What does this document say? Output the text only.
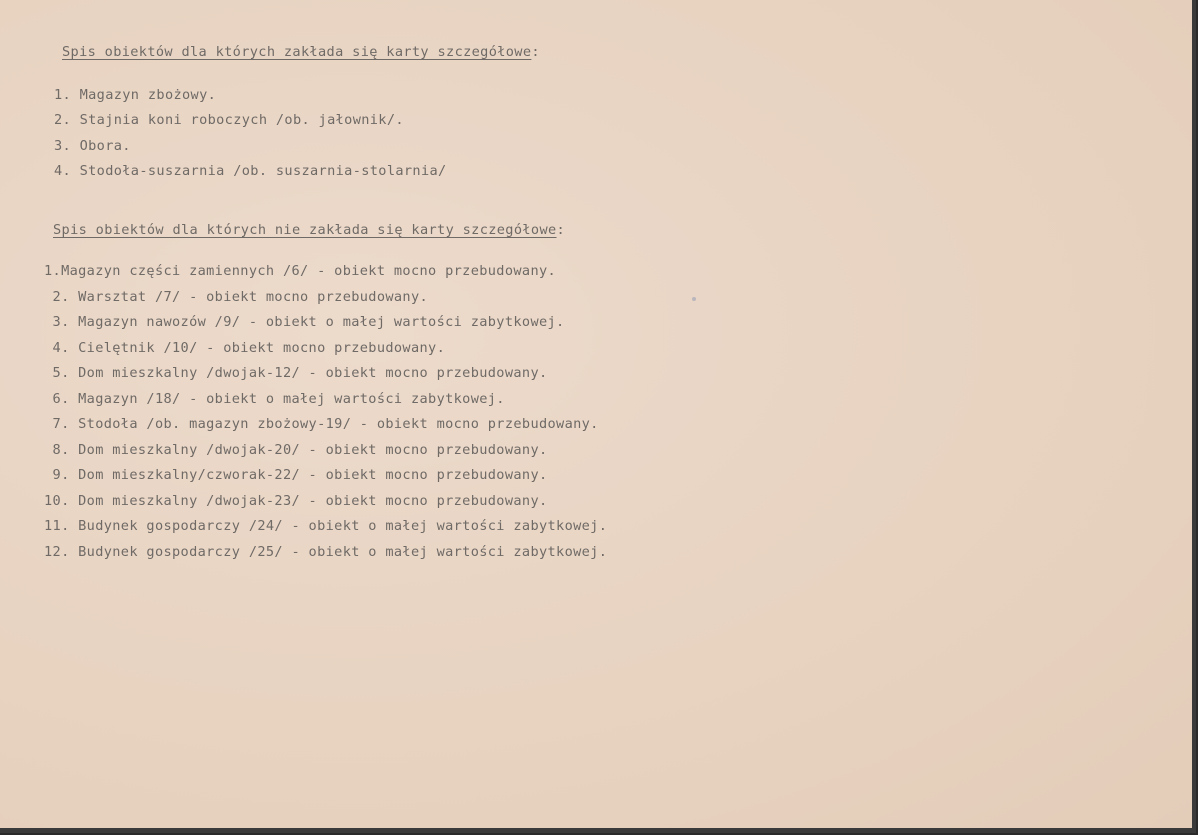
Spis obiektów dla których zakłada się karty szczegółowe:
1. Magazyn zbożowy.
2. Stajnia koni roboczych /ob. jałownik/.
3. Obora.
4. Stodoła-suszarnia /ob. suszarnia-stolarnia/
Spis obiektów dla których nie zakłada się karty szczegółowe:
1.Magazyn części zamiennych /6/ - obiekt mocno przebudowany.
2. Warsztat /7/ - obiekt mocno przebudowany.
3. Magazyn nawozów /9/ - obiekt o małej wartości zabytkowej.
4. Cielętnik /10/ - obiekt mocno przebudowany.
5. Dom mieszkalny /dwojak-12/ - obiekt mocno przebudowany.
6. Magazyn /18/ - obiekt o małej wartości zabytkowej.
7. Stodoła /ob. magazyn zbożowy-19/ - obiekt mocno przebudowany.
8. Dom mieszkalny /dwojak-20/ - obiekt mocno przebudowany.
9. Dom mieszkalny/czworak-22/ - obiekt mocno przebudowany.
10. Dom mieszkalny /dwojak-23/ - obiekt mocno przebudowany.
11. Budynek gospodarczy /24/ - obiekt o małej wartości zabytkowej.
12. Budynek gospodarczy /25/ - obiekt o małej wartości zabytkowej.
